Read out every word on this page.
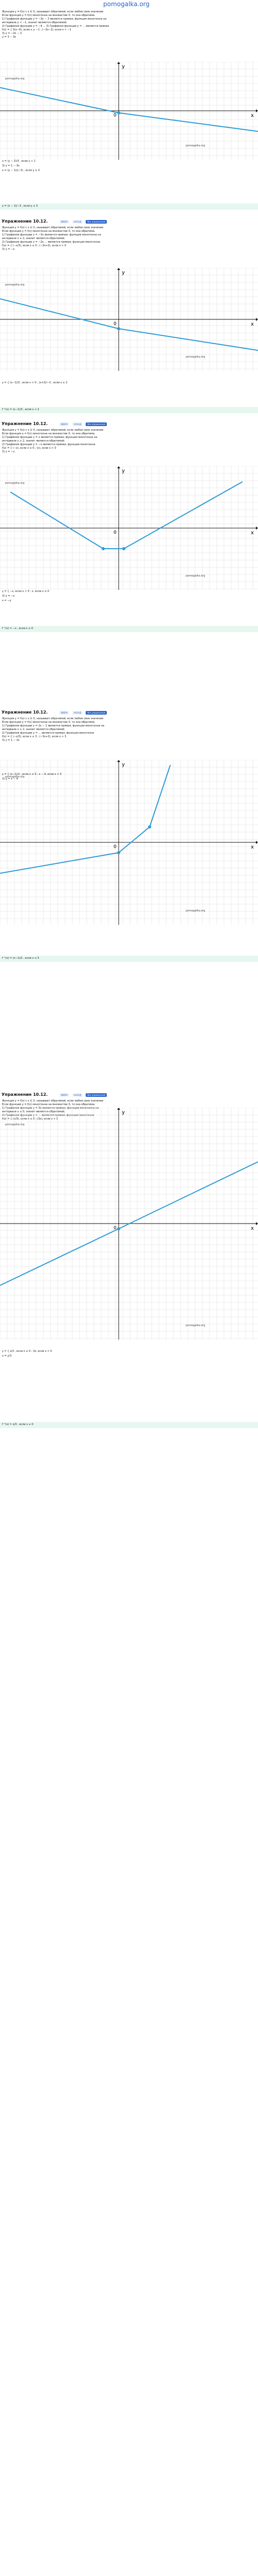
pomogalka.org
Функция y = f(x) с x ∈ X, называют обратимой, если любое свое значение
Если функция y = f(x) монотонна на множестве X, то она обратима.
1) Графиком функции y = −3x − 3 является прямая, функция монотонна на
интервале y < −1, значит является обратимой;
2) Графиком функции y = −4 ... 3) Графиком функции y = ... является прямая
f(x) = { 3(x−6), если x ≤ −1 ; (−3x−2), если x > −1
3) y = −3x − 3
y = 3 − 3x
x
y
0
pomogalka.org
pomogalka.org
x = (y − 2)/3 , если y < 1
3) y = 1 − 3x
x = (y − 1)/(−3) , если y ≥ 3
y = (x − 1)/−3 , если y ≤ 3
Упражнение 10.12.	ВВЕРХ	НАЗАД	Все упражнения
Функция y = f(x) с x ∈ X, называют обратимой, если любое свое значение
Если функция y = f(x) монотонна на множестве X, то она обратима.
1) Графиком функции y = −3x является прямая, функция монотонна на
интервале x ≥ 2, значит является обратимой;
2) Графиком функции y = −2x ... является прямая, функция монотонна
f(x) = { (−x/3), если x ≤ 0 ; (−3x+2), если x > 0
3) y = −x
x
y
0
pomogalka.org
pomogalka.org
y = { (x−1)/3 , если x < 0 ; (x+2)/−3 , если x ≥ 2
f⁻¹(x) = (x−1)/3 , если x < 2
Упражнение 10.12.	ВВЕРХ	НАЗАД	Все упражнения
Функция y = f(x) с x ∈ X, называют обратимой, если любое свое значение
Если функция y = f(x) монотонна на множестве X, то она обратима.
1) Графиком функции y = x является прямая, функция монотонна на
интервале y ≥ 2, значит является обратимой;
2) Графиком функции y = −x является прямая, функция монотонна
f(x) = { (−x), если x ≤ 0 ; (x), если x > 0
3) y = −x
x
y
0
pomogalka.org
pomogalka.org
y = { −x, если x < 0 ; x, если x ≥ 0
3) y = −x
x = −y
f⁻¹(x) = −x , если x ≤ 0
Упражнение 10.12.	ВВЕРХ	НАЗАД	Все упражнения
Функция y = f(x) с x ∈ X, называют обратимой, если любое свое значение
Если функция y = f(x) монотонна на множестве X, то она обратима.
1) Графиком функции y = 2x − 1 является прямая, функция монотонна на
интервале x ≥ 2, значит является обратимой;
2) Графиком функции y = ... является прямая, функция монотонна
f(x) = { (−x/3), если x ≤ 3 ; (−3x+2), если x > 3
3) y = 1 − 2x
x
y
0
pomogalka.org
pomogalka.org
y = { (x−1)/2 , если x ≤ 5 ; x − 4, если x > 5
3) y = x − 4
f⁻¹(x) = (x−1)/2 , если x ≤ 5
Упражнение 10.12.	ВВЕРХ	НАЗАД	Все упражнения
Функция y = f(x) с x ∈ X, называют обратимой, если любое свое значение
Если функция y = f(x) монотонна на множестве X, то она обратима.
1) Графиком функции y = 3x является прямая, функция монотонна на
интервале x ≥ 0, значит является обратимой;
2) Графиком функции y = ... является прямая, функция монотонна
f(x) = { (x/3), если x ≤ 0 ; (3x), если x > 0
x
y
0
pomogalka.org
pomogalka.org
y = { x/3 , если x ≤ 0 ; 3x, если x > 0
x = y/3
f⁻¹(x) = x/3 , если x ≤ 0
